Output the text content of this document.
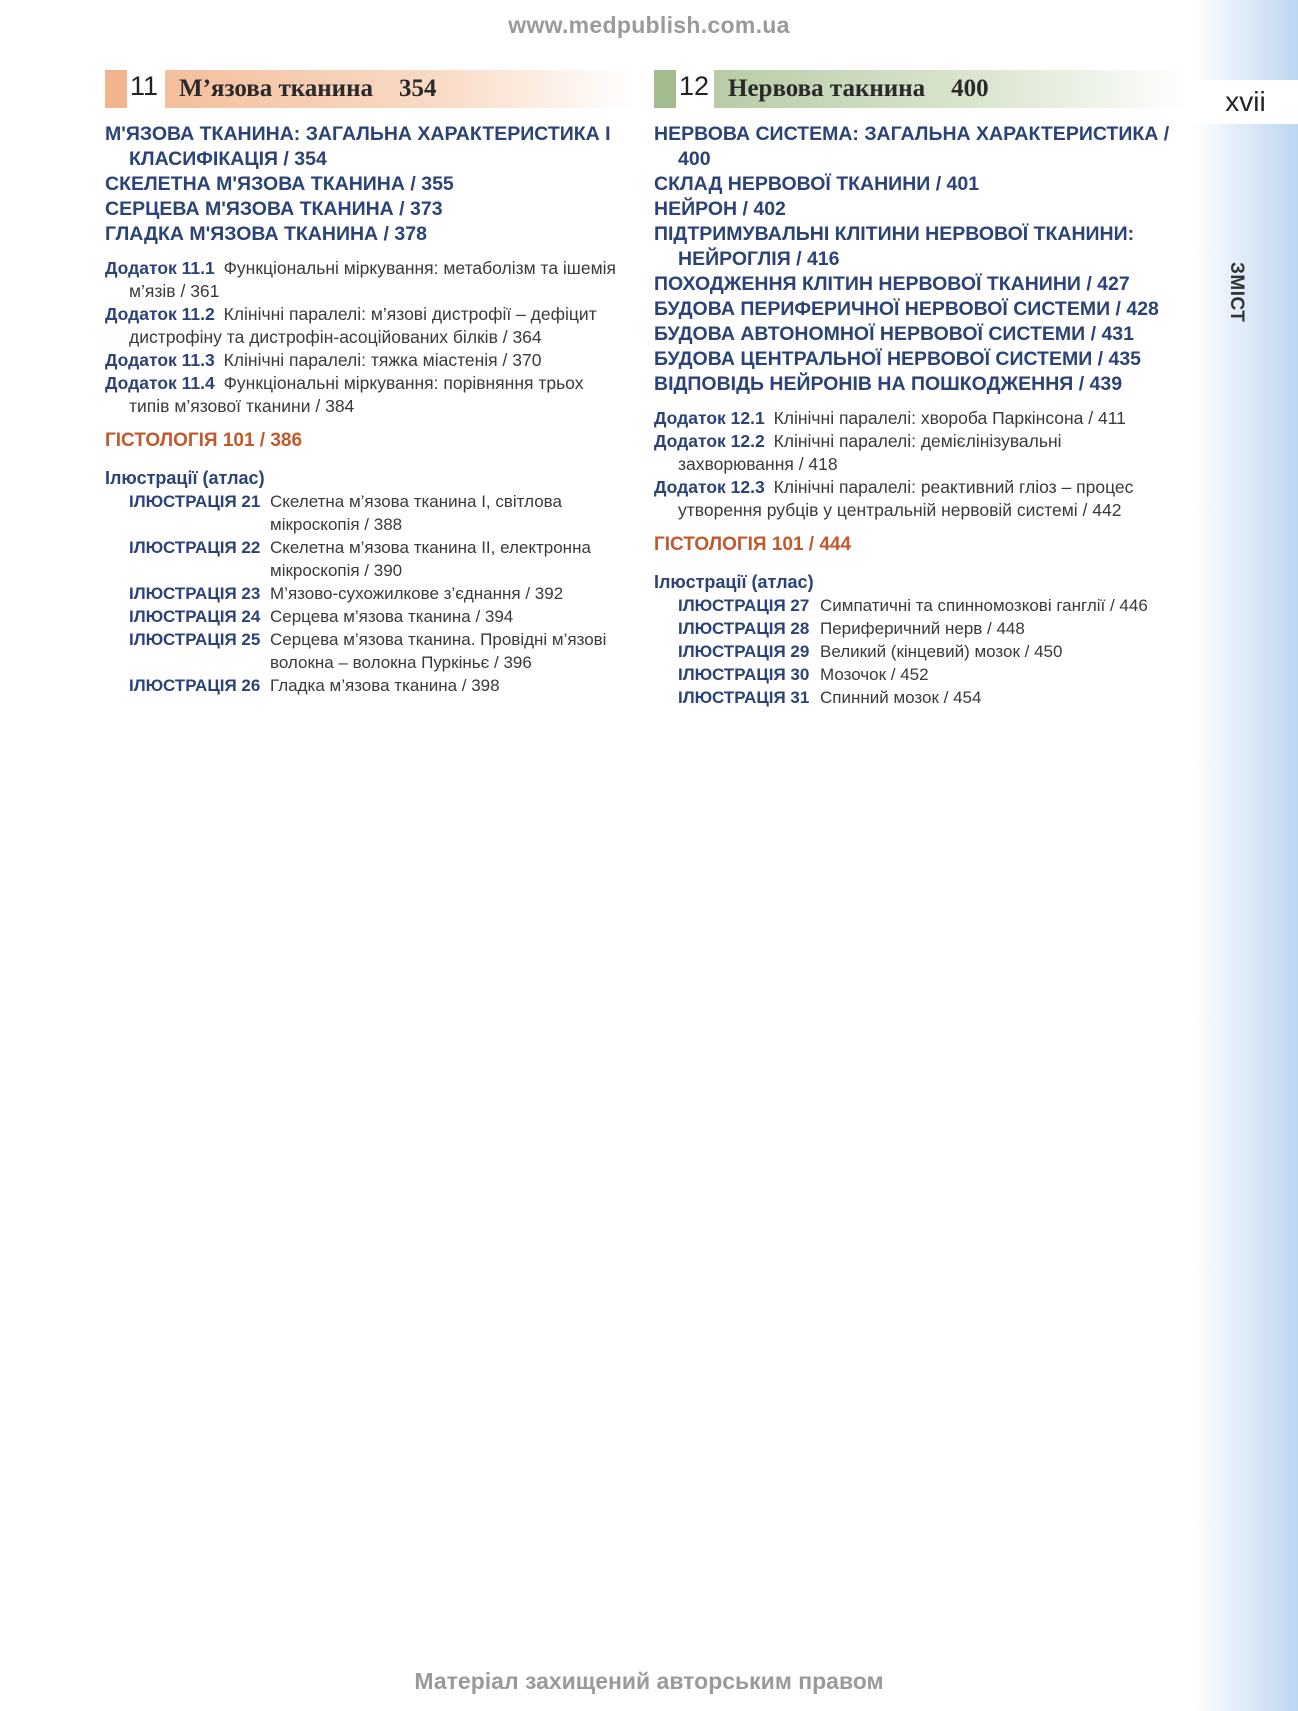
www.medpublish.com.ua
xvii
ЗМІСТ
11 М’язова тканина 354
М'ЯЗОВА ТКАНИНА: ЗАГАЛЬНА ХАРАКТЕРИСТИКА І КЛАСИФІКАЦІЯ / 354
СКЕЛЕТНА М'ЯЗОВА ТКАНИНА / 355
СЕРЦЕВА М'ЯЗОВА ТКАНИНА / 373
ГЛАДКА М'ЯЗОВА ТКАНИНА / 378
Додаток 11.1 Функціональні міркування: метаболізм та ішемія м’язів / 361
Додаток 11.2 Клінічні паралелі: м’язові дистрофії – дефіцит дистрофіну та дистрофін-асоційованих білків / 364
Додаток 11.3 Клінічні паралелі: тяжка міастенія / 370
Додаток 11.4 Функціональні міркування: порівняння трьох типів м’язової тканини / 384
ГІСТОЛОГІЯ 101 / 386
Ілюстрації (атлас)
ІЛЮСТРАЦІЯ 21 Скелетна м’язова тканина І, світлова мікроскопія / 388
ІЛЮСТРАЦІЯ 22 Скелетна м’язова тканина ІІ, електронна мікроскопія / 390
ІЛЮСТРАЦІЯ 23 М’язово-сухожилкове з’єднання / 392
ІЛЮСТРАЦІЯ 24 Серцева м’язова тканина / 394
ІЛЮСТРАЦІЯ 25 Серцева м’язова тканина. Провідні м’язові волокна – волокна Пуркіньє / 396
ІЛЮСТРАЦІЯ 26 Гладка м’язова тканина / 398
12 Нервова такнина 400
НЕРВОВА СИСТЕМА: ЗАГАЛЬНА ХАРАКТЕРИСТИКА / 400
СКЛАД НЕРВОВОЇ ТКАНИНИ / 401
НЕЙРОН / 402
ПІДТРИМУВАЛЬНІ КЛІТИНИ НЕРВОВОЇ ТКАНИНИ: НЕЙРОГЛІЯ / 416
ПОХОДЖЕННЯ КЛІТИН НЕРВОВОЇ ТКАНИНИ / 427
БУДОВА ПЕРИФЕРИЧНОЇ НЕРВОВОЇ СИСТЕМИ / 428
БУДОВА АВТОНОМНОЇ НЕРВОВОЇ СИСТЕМИ / 431
БУДОВА ЦЕНТРАЛЬНОЇ НЕРВОВОЇ СИСТЕМИ / 435
ВІДПОВІДЬ НЕЙРОНІВ НА ПОШКОДЖЕННЯ / 439
Додаток 12.1 Клінічні паралелі: хвороба Паркінсона / 411
Додаток 12.2 Клінічні паралелі: демієлінізувальні захворювання / 418
Додаток 12.3 Клінічні паралелі: реактивний гліоз – процес утворення рубців у центральній нервовій системі / 442
ГІСТОЛОГІЯ 101 / 444
Ілюстрації (атлас)
ІЛЮСТРАЦІЯ 27 Симпатичні та спинномозкові ганглії / 446
ІЛЮСТРАЦІЯ 28 Периферичний нерв / 448
ІЛЮСТРАЦІЯ 29 Великий (кінцевий) мозок / 450
ІЛЮСТРАЦІЯ 30 Мозочок / 452
ІЛЮСТРАЦІЯ 31 Спинний мозок / 454
Матеріал захищений авторським правом
